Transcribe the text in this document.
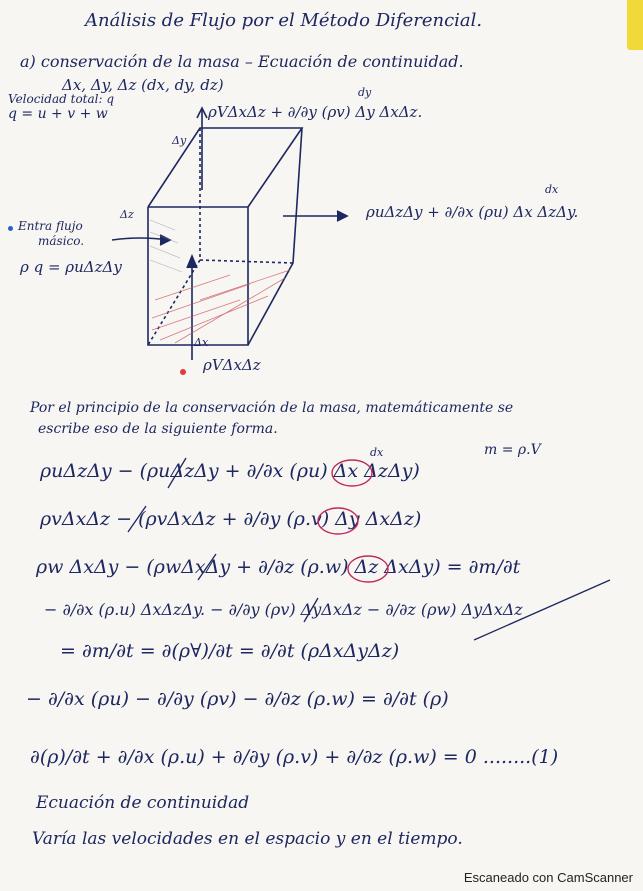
Análisis de Flujo por el Método Diferencial.
a) conservación de la masa – Ecuación de continuidad.
Δx, Δy, Δz (dx, dy, dz)
Velocidad total: q
q = u + v + w
Δy
Δz
Δx
dy
ρVΔxΔz + ∂/∂y (ρv) Δy ΔxΔz.
dx
ρuΔzΔy + ∂/∂x (ρu) Δx ΔzΔy.
Entra flujo
másico.
ρ q = ρuΔzΔy
ρVΔxΔz
Por el principio de la conservación de la masa, matemáticamente se
escribe eso de la siguiente forma.
m = ρ.V
dx
ρuΔzΔy − (ρuΔzΔy + ∂/∂x (ρu) Δx ΔzΔy)
ρvΔxΔz − (ρvΔxΔz + ∂/∂y (ρ.v) Δy ΔxΔz)
ρw ΔxΔy − (ρwΔxΔy + ∂/∂z (ρ.w) Δz ΔxΔy) = ∂m/∂t
− ∂/∂x (ρ.u) ΔxΔzΔy. − ∂/∂y (ρv) ΔyΔxΔz − ∂/∂z (ρw) ΔyΔxΔz
= ∂m/∂t = ∂(ρ∀)/∂t = ∂/∂t (ρΔxΔyΔz)
− ∂/∂x (ρu) − ∂/∂y (ρv) − ∂/∂z (ρ.w) = ∂/∂t (ρ)
∂(ρ)/∂t + ∂/∂x (ρ.u) + ∂/∂y (ρ.v) + ∂/∂z (ρ.w) = 0 ........(1)
Ecuación de continuidad
Varía las velocidades en el espacio y en el tiempo.
Escaneado con CamScanner
